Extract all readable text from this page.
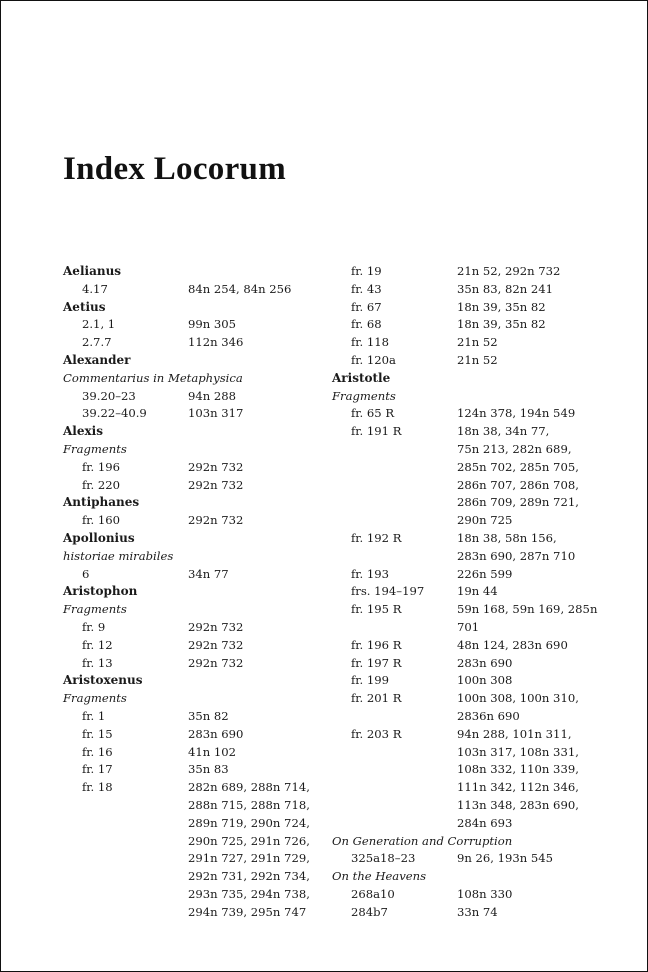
Index Locorum
Aelianus
4.17	84n 254, 84n 256
Aetius
2.1, 1	99n 305
2.7.7	112n 346
Alexander
Commentarius in Metaphysica
39.20–23	94n 288
39.22–40.9	103n 317
Alexis
Fragments
fr. 196	292n 732
fr. 220	292n 732
Antiphanes
fr. 160	292n 732
Apollonius
historiae mirabiles
6	34n 77
Aristophon
Fragments
fr. 9	292n 732
fr. 12	292n 732
fr. 13	292n 732
Aristoxenus
Fragments
fr. 1	35n 82
fr. 15	283n 690
fr. 16	41n 102
fr. 17	35n 83
fr. 18	282n 689, 288n 714,
288n 715, 288n 718,
289n 719, 290n 724,
290n 725, 291n 726,
291n 727, 291n 729,
292n 731, 292n 734,
293n 735, 294n 738,
294n 739, 295n 747
fr. 19	21n 52, 292n 732
fr. 43	35n 83, 82n 241
fr. 67	18n 39, 35n 82
fr. 68	18n 39, 35n 82
fr. 118	21n 52
fr. 120a	21n 52
Aristotle
Fragments
fr. 65 R	124n 378, 194n 549
fr. 191 R	18n 38, 34n 77,
75n 213, 282n 689,
285n 702, 285n 705,
286n 707, 286n 708,
286n 709, 289n 721,
290n 725
fr. 192 R	18n 38, 58n 156,
283n 690, 287n 710
fr. 193	226n 599
frs. 194–197	19n 44
fr. 195 R	59n 168, 59n 169, 285n
701
fr. 196 R	48n 124, 283n 690
fr. 197 R	283n 690
fr. 199	100n 308
fr. 201 R	100n 308, 100n 310,
2836n 690
fr. 203 R	94n 288, 101n 311,
103n 317, 108n 331,
108n 332, 110n 339,
111n 342, 112n 346,
113n 348, 283n 690,
284n 693
On Generation and Corruption
325a18–23	9n 26, 193n 545
On the Heavens
268a10	108n 330
284b7	33n 74
